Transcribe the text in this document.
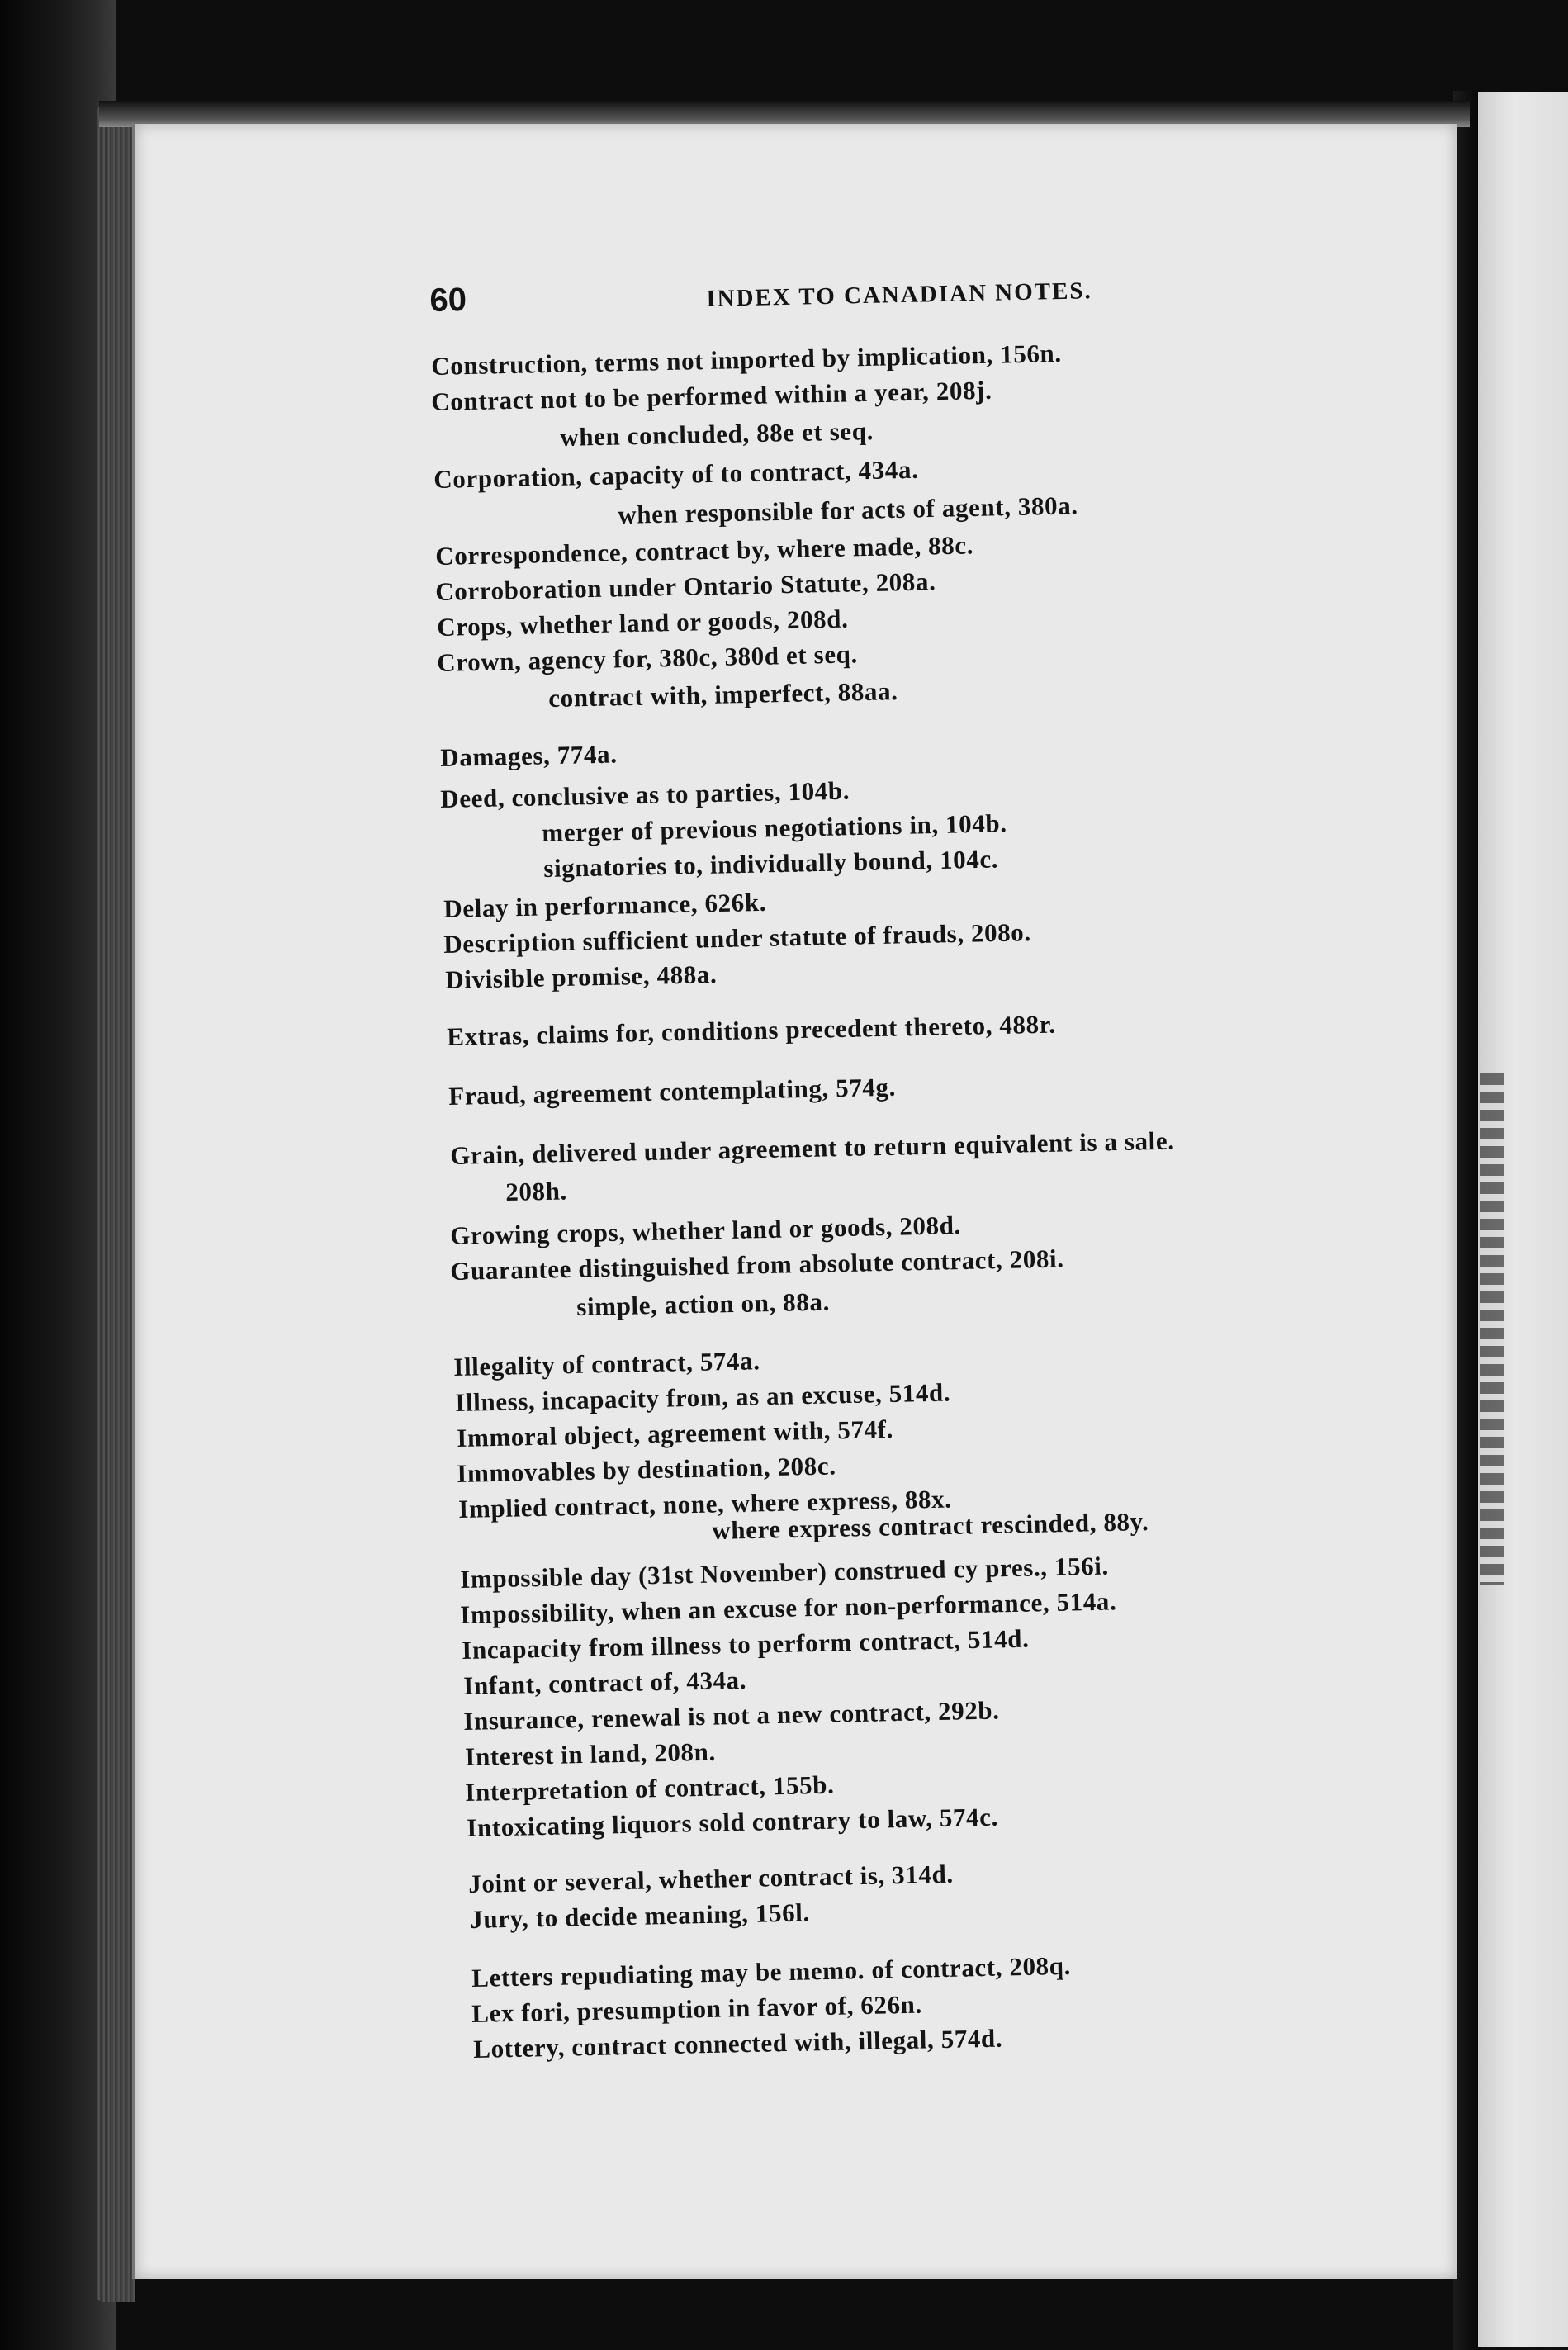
60	INDEX TO CANADIAN NOTES.
Construction, terms not imported by implication, 156n.
Contract not to be performed within a year, 208j.
when concluded, 88e et seq.
Corporation, capacity of to contract, 434a.
when responsible for acts of agent, 380a.
Correspondence, contract by, where made, 88c.
Corroboration under Ontario Statute, 208a.
Crops, whether land or goods, 208d.
Crown, agency for, 380c, 380d et seq.
contract with, imperfect, 88aa.
Damages, 774a.
Deed, conclusive as to parties, 104b.
merger of previous negotiations in, 104b.
signatories to, individually bound, 104c.
Delay in performance, 626k.
Description sufficient under statute of frauds, 208o.
Divisible promise, 488a.
Extras, claims for, conditions precedent thereto, 488r.
Fraud, agreement contemplating, 574g.
Grain, delivered under agreement to return equivalent is a sale.
208h.
Growing crops, whether land or goods, 208d.
Guarantee distinguished from absolute contract, 208i.
simple, action on, 88a.
Illegality of contract, 574a.
Illness, incapacity from, as an excuse, 514d.
Immoral object, agreement with, 574f.
Immovables by destination, 208c.
Implied contract, none, where express, 88x.
where express contract rescinded, 88y.
Impossible day (31st November) construed cy pres., 156i.
Impossibility, when an excuse for non-performance, 514a.
Incapacity from illness to perform contract, 514d.
Infant, contract of, 434a.
Insurance, renewal is not a new contract, 292b.
Interest in land, 208n.
Interpretation of contract, 155b.
Intoxicating liquors sold contrary to law, 574c.
Joint or several, whether contract is, 314d.
Jury, to decide meaning, 156l.
Letters repudiating may be memo. of contract, 208q.
Lex fori, presumption in favor of, 626n.
Lottery, contract connected with, illegal, 574d.
